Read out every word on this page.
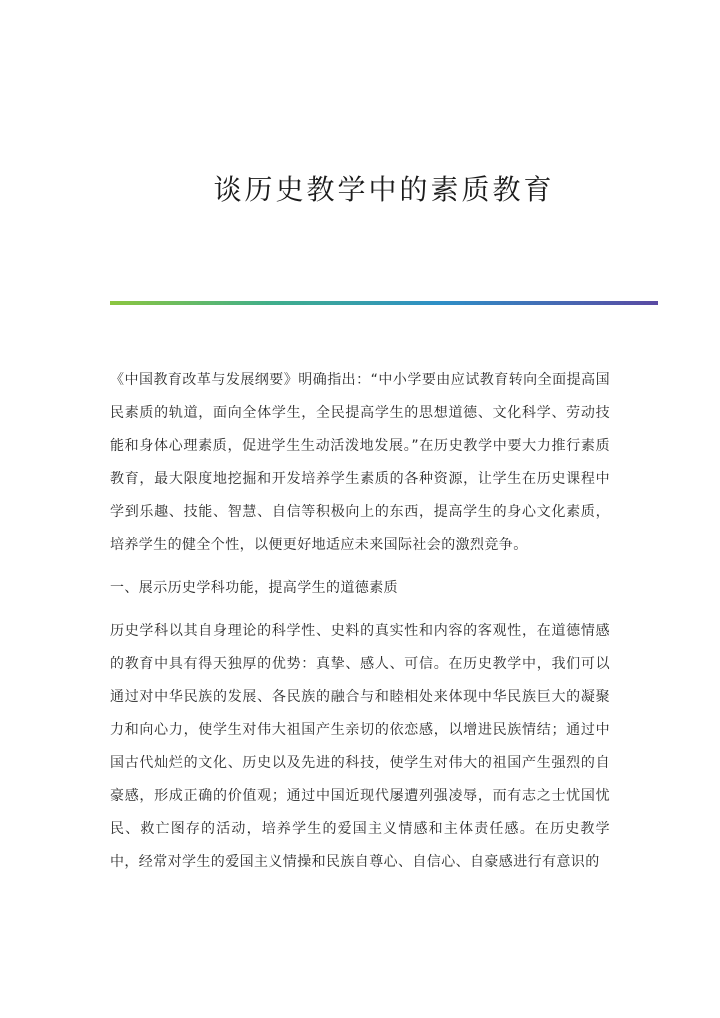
谈历史教学中的素质教育

《中国教育改革与发展纲要》明确指出：“中小学要由应试教育转向全面提高国民素质的轨道，面向全体学生，全民提高学生的思想道德、文化科学、劳动技能和身体心理素质，促进学生生动活泼地发展。”在历史教学中要大力推行素质教育，最大限度地挖掘和开发培养学生素质的各种资源，让学生在历史课程中学到乐趣、技能、智慧、自信等积极向上的东西，提高学生的身心文化素质，培养学生的健全个性，以便更好地适应未来国际社会的激烈竞争。

一、展示历史学科功能，提高学生的道德素质

历史学科以其自身理论的科学性、史料的真实性和内容的客观性，在道德情感的教育中具有得天独厚的优势：真挚、感人、可信。在历史教学中，我们可以通过对中华民族的发展、各民族的融合与和睦相处来体现中华民族巨大的凝聚力和向心力，使学生对伟大祖国产生亲切的依恋感，以增进民族情结；通过中国古代灿烂的文化、历史以及先进的科技，使学生对伟大的祖国产生强烈的自豪感，形成正确的价值观；通过中国近现代屡遭列强凌辱，而有志之士忧国忧民、救亡图存的活动，培养学生的爱国主义情感和主体责任感。在历史教学中，经常对学生的爱国主义情操和民族自尊心、自信心、自豪感进行有意识的
